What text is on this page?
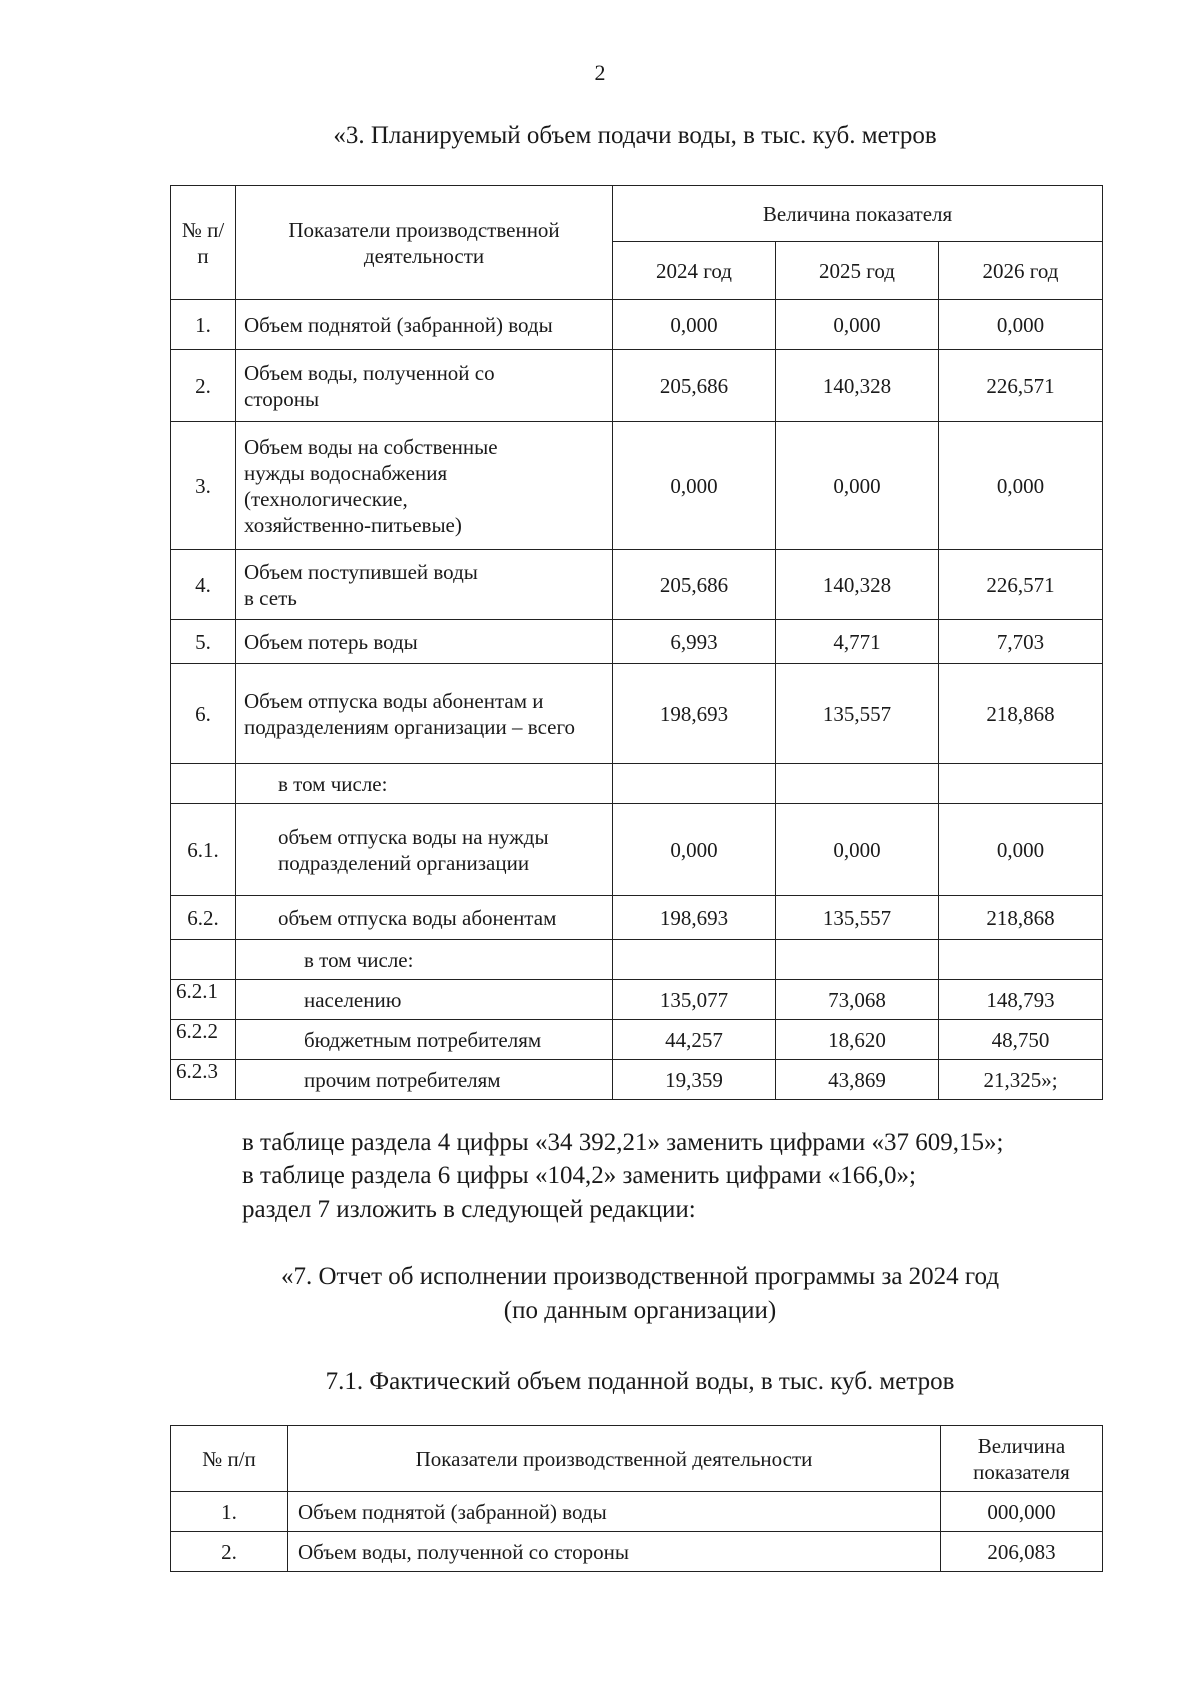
2
«3. Планируемый объем подачи воды, в тыс. куб. метров
№ п/п	Показатели производственной деятельности	Величина показателя		
		2024 год	2025 год	2026 год
1.	Объем поднятой (забранной) воды	0,000	0,000	0,000
2.	Объем воды, полученной со стороны	205,686	140,328	226,571
3.	Объем воды на собственные нужды водоснабжения (технологические, хозяйственно-питьевые)	0,000	0,000	0,000
4.	Объем поступившей воды в сеть	205,686	140,328	226,571
5.	Объем потерь воды	6,993	4,771	7,703
6.	Объем отпуска воды абонентам и подразделениям организации – всего	198,693	135,557	218,868
	в том числе:			
6.1.	объем отпуска воды на нужды подразделений организации	0,000	0,000	0,000
6.2.	объем отпуска воды абонентам	198,693	135,557	218,868
	в том числе:			
6.2.1	населению	135,077	73,068	148,793
6.2.2	бюджетным потребителям	44,257	18,620	48,750
6.2.3	прочим потребителям	19,359	43,869	21,325»;
в таблице раздела 4 цифры «34 392,21» заменить цифрами «37 609,15»;
в таблице раздела 6 цифры «104,2» заменить цифрами «166,0»;
раздел 7 изложить в следующей редакции:
«7. Отчет об исполнении производственной программы за 2024 год
(по данным организации)
7.1. Фактический объем поданной воды, в тыс. куб. метров
№ п/п	Показатели производственной деятельности	Величина показателя
1.	Объем поднятой (забранной) воды	000,000
2.	Объем воды, полученной со стороны	206,083
